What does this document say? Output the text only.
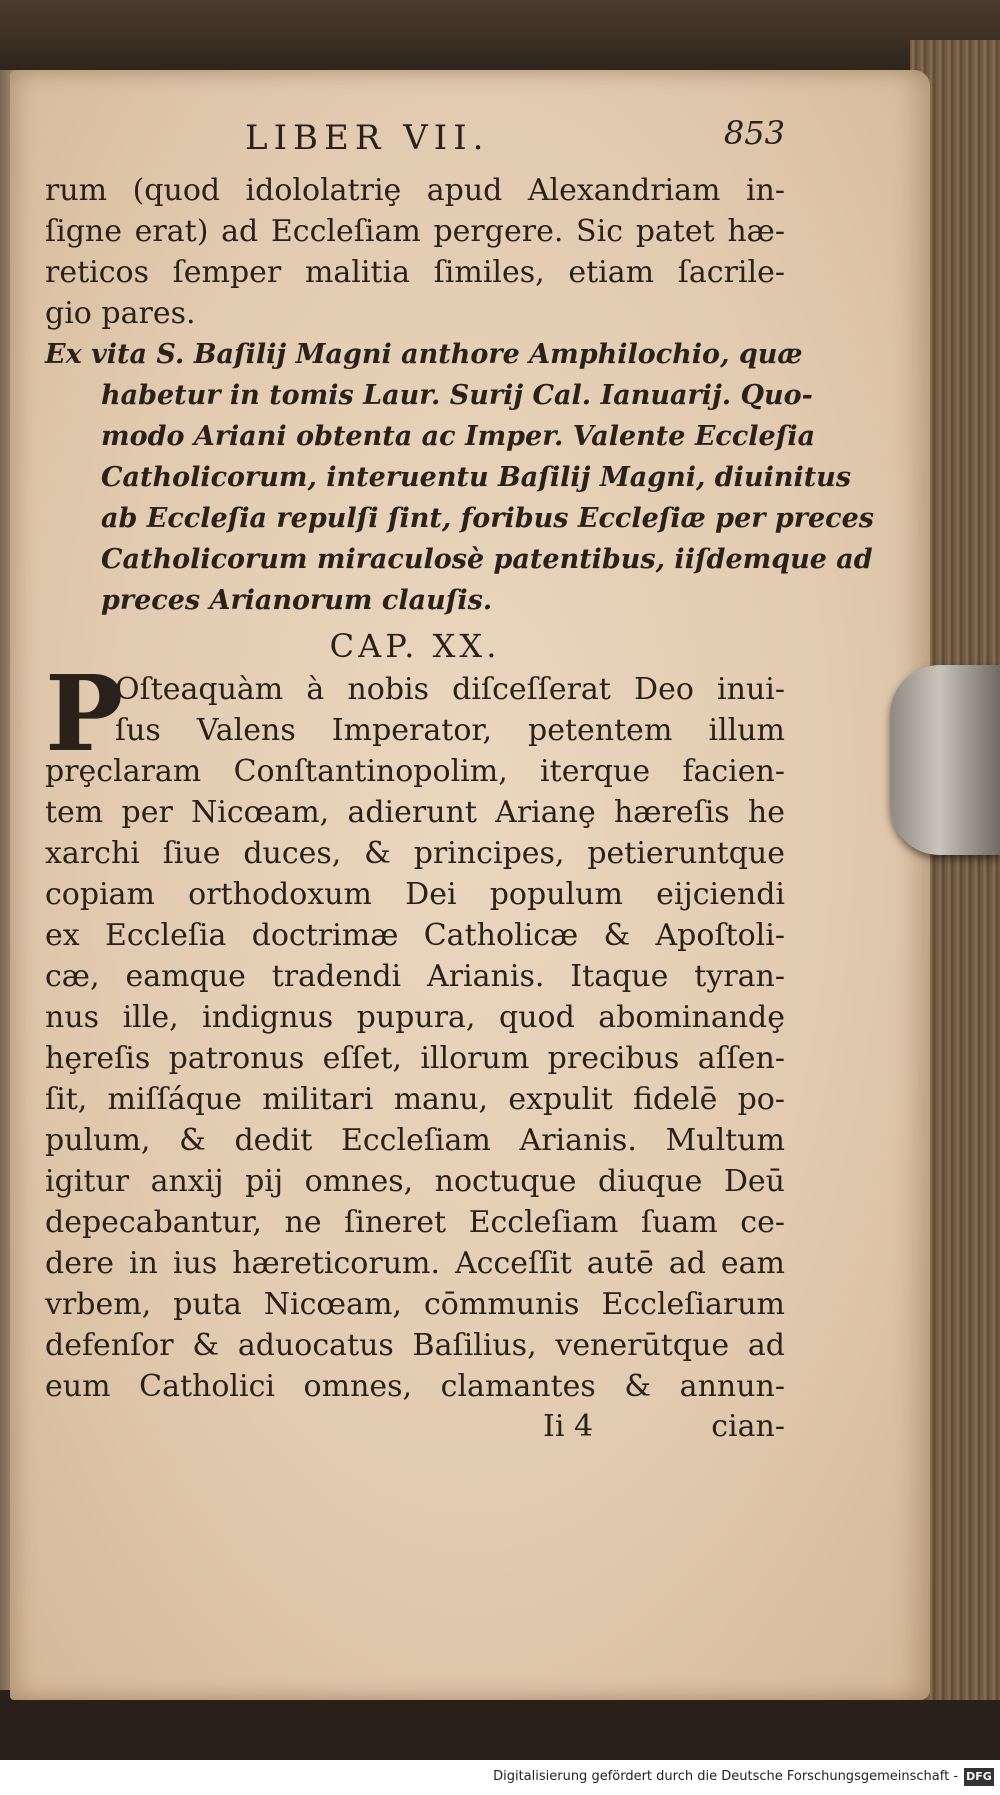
LIBER VII.	853
rum (quod idololatriȩ apud Alexandriam in-
ſigne erat) ad Eccleſiam pergere. Sic patet hæ-
reticos ſemper malitia ſimiles, etiam ſacrile-
gio pares.
Ex vita S. Baſilij Magni anthore Amphilochio, quæ
habetur in tomis Laur. Surij Cal. Ianuarij. Quo-
modo Ariani obtenta ac Imper. Valente Eccleſia
Catholicorum, interuentu Baſilij Magni, diuinitus
ab Eccleſia repulſi ſint, foribus Eccleſiæ per preces
Catholicorum miraculosè patentibus, iiſdemque ad
preces Arianorum clauſis.
CAP. XX.
P
Oſteaquàm à nobis diſceſſerat Deo inui-
ſus Valens Imperator, petentem illum
prȩclaram Conſtantinopolim, iterque facien-
tem per Nicœam, adierunt Arianȩ hæreſis he
xarchi ſiue duces, & principes, petieruntque
copiam orthodoxum Dei populum eijciendi
ex Eccleſia doctrimæ Catholicæ & Apoſtoli-
cæ, eamque tradendi Arianis. Itaque tyran-
nus ille, indignus pupura, quod abominandȩ
hȩreſis patronus eſſet, illorum precibus aſſen-
ſit, miſſáque militari manu, expulit fidelē po-
pulum, & dedit Eccleſiam Arianis. Multum
igitur anxij pij omnes, noctuque diuque Deū
depecabantur, ne ſineret Eccleſiam ſuam ce-
dere in ius hæreticorum. Acceſſit autē ad eam
vrbem, puta Nicœam, cōmmunis Eccleſiarum
defenſor & aduocatus Baſilius, venerūtque ad
eum Catholici omnes, clamantes & annun-
Ii 4	cian-
Digitalisierung gefördert durch die Deutsche Forschungsgemeinschaft - DFG
